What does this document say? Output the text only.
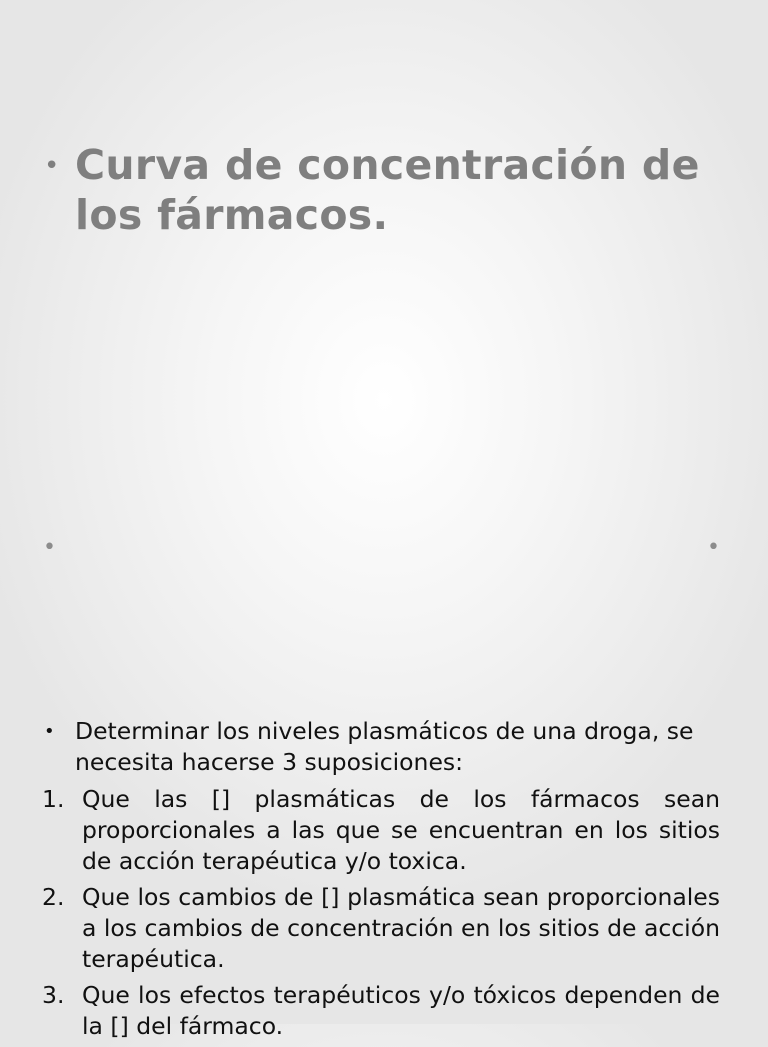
• Curva de concentración de los fármacos.
•	•
• Determinar los niveles plasmáticos de una droga, se necesita hacerse 3 suposiciones:
1. Que las [] plasmáticas de los fármacos sean proporcionales a las que se encuentran en los sitios de acción terapéutica y/o toxica.
2. Que los cambios de [] plasmática sean proporcionales a los cambios de concentración en los sitios de acción terapéutica.
3. Que los efectos terapéuticos y/o tóxicos dependen de la [] del fármaco.
